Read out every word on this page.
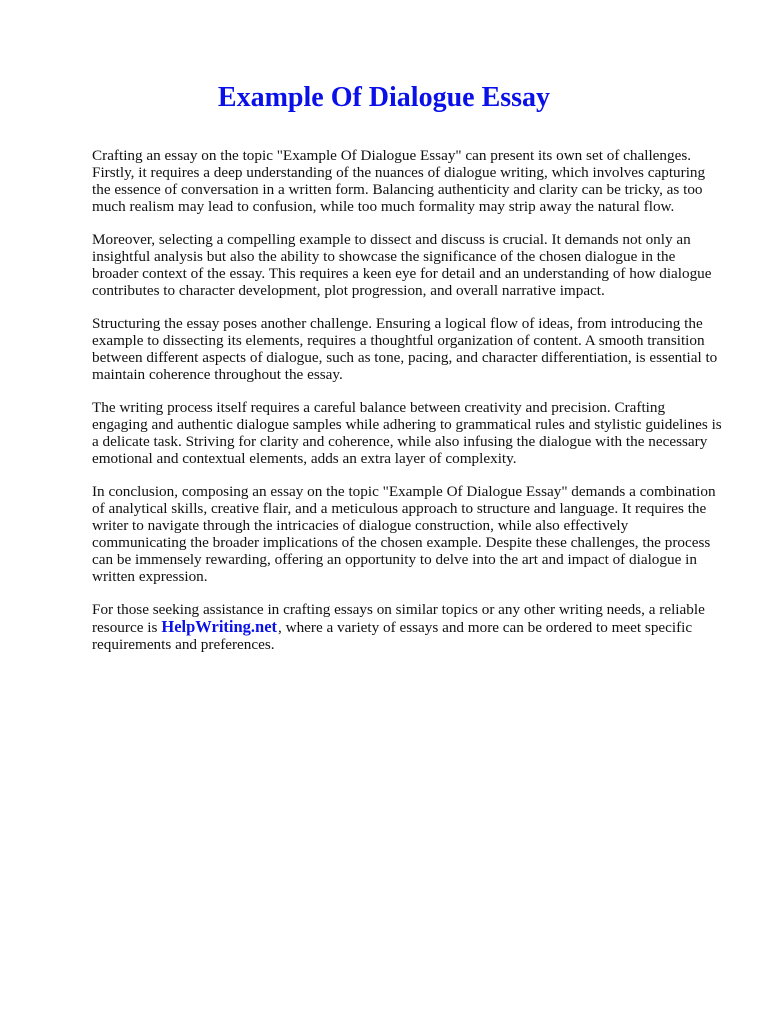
Example Of Dialogue Essay

Crafting an essay on the topic "Example Of Dialogue Essay" can present its own set of challenges. Firstly, it requires a deep understanding of the nuances of dialogue writing, which involves capturing the essence of conversation in a written form. Balancing authenticity and clarity can be tricky, as too much realism may lead to confusion, while too much formality may strip away the natural flow.

Moreover, selecting a compelling example to dissect and discuss is crucial. It demands not only an insightful analysis but also the ability to showcase the significance of the chosen dialogue in the broader context of the essay. This requires a keen eye for detail and an understanding of how dialogue contributes to character development, plot progression, and overall narrative impact.

Structuring the essay poses another challenge. Ensuring a logical flow of ideas, from introducing the example to dissecting its elements, requires a thoughtful organization of content. A smooth transition between different aspects of dialogue, such as tone, pacing, and character differentiation, is essential to maintain coherence throughout the essay.

The writing process itself requires a careful balance between creativity and precision. Crafting engaging and authentic dialogue samples while adhering to grammatical rules and stylistic guidelines is a delicate task. Striving for clarity and coherence, while also infusing the dialogue with the necessary emotional and contextual elements, adds an extra layer of complexity.

In conclusion, composing an essay on the topic "Example Of Dialogue Essay" demands a combination of analytical skills, creative flair, and a meticulous approach to structure and language. It requires the writer to navigate through the intricacies of dialogue construction, while also effectively communicating the broader implications of the chosen example. Despite these challenges, the process can be immensely rewarding, offering an opportunity to delve into the art and impact of dialogue in written expression.

For those seeking assistance in crafting essays on similar topics or any other writing needs, a reliable resource is HelpWriting.net, where a variety of essays and more can be ordered to meet specific requirements and preferences.
